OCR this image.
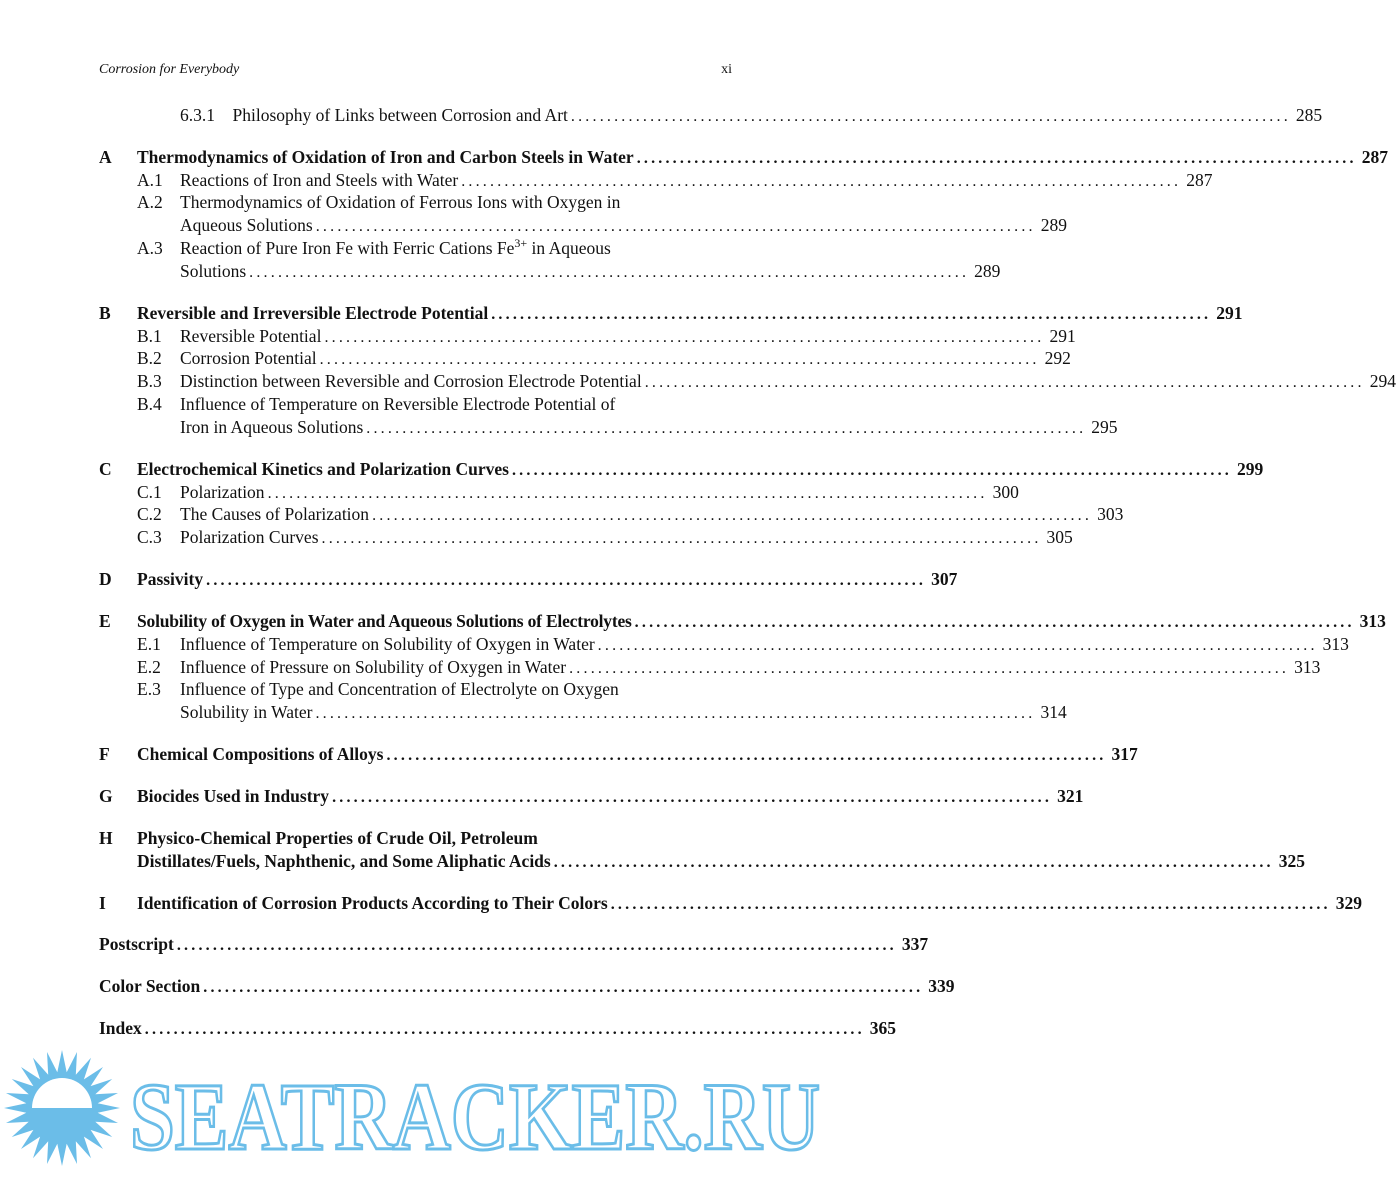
Corrosion for Everybody	xi
6.3.1 Philosophy of Links between Corrosion and Art .................................................................................................... 285
A Thermodynamics of Oxidation of Iron and Carbon Steels in Water .................................................................................................... 287
A.1 Reactions of Iron and Steels with Water .................................................................................................... 287
A.2 Thermodynamics of Oxidation of Ferrous Ions with Oxygen in
Aqueous Solutions .................................................................................................... 289
A.3 Reaction of Pure Iron Fe with Ferric Cations $Fe^{3+}$ in Aqueous
Solutions .................................................................................................... 289
B Reversible and Irreversible Electrode Potential .................................................................................................... 291
B.1 Reversible Potential .................................................................................................... 291
B.2 Corrosion Potential .................................................................................................... 292
B.3 Distinction between Reversible and Corrosion Electrode Potential .................................................................................................... 294
B.4 Influence of Temperature on Reversible Electrode Potential of
Iron in Aqueous Solutions .................................................................................................... 295
C Electrochemical Kinetics and Polarization Curves .................................................................................................... 299
C.1 Polarization .................................................................................................... 300
C.2 The Causes of Polarization .................................................................................................... 303
C.3 Polarization Curves .................................................................................................... 305
D Passivity .................................................................................................... 307
E Solubility of Oxygen in Water and Aqueous Solutions of Electrolytes .................................................................................................... 313
E.1 Influence of Temperature on Solubility of Oxygen in Water .................................................................................................... 313
E.2 Influence of Pressure on Solubility of Oxygen in Water .................................................................................................... 313
E.3 Influence of Type and Concentration of Electrolyte on Oxygen
Solubility in Water .................................................................................................... 314
F Chemical Compositions of Alloys .................................................................................................... 317
G Biocides Used in Industry .................................................................................................... 321
H Physico-Chemical Properties of Crude Oil, Petroleum
Distillates/Fuels, Naphthenic, and Some Aliphatic Acids .................................................................................................... 325
I Identification of Corrosion Products According to Their Colors .................................................................................................... 329
Postscript .................................................................................................... 337
Color Section .................................................................................................... 339
Index .................................................................................................... 365
SEATRACKER.RU
